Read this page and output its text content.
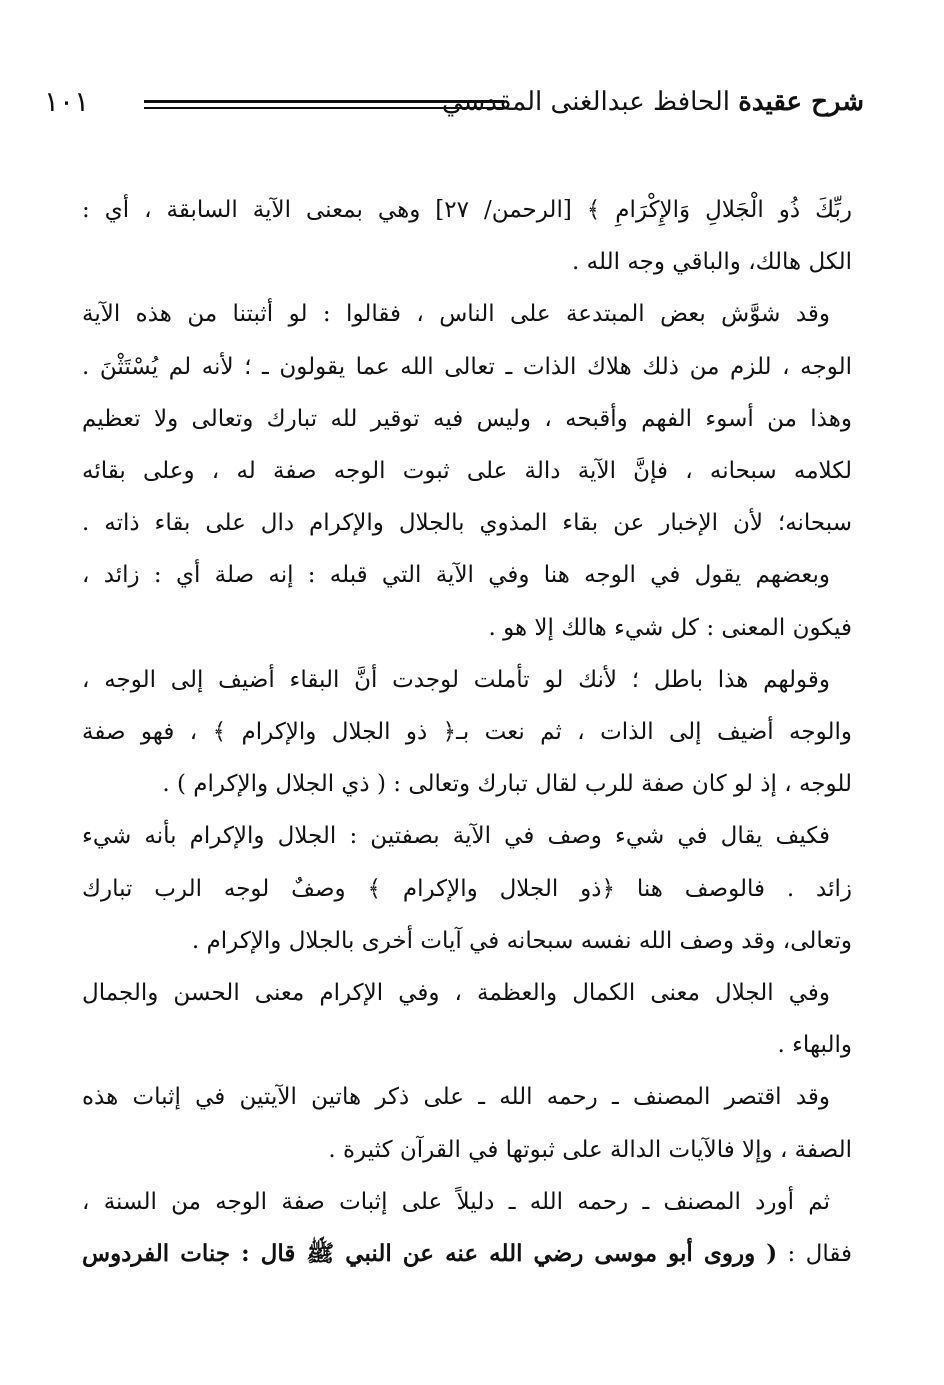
شرح عقيدة الحافظ عبدالغنى المقدسي
١٠١
ربِّكَ ذُو الْجَلالِ وَالإِكْرَامِ ﴾ [الرحمن/ ٢٧] وهي بمعنى الآية السابقة ، أي :
الكل هالك، والباقي وجه الله .
وقد شوَّش بعض المبتدعة على الناس ، فقالوا : لو أثبتنا من هذه الآية
الوجه ، للزم من ذلك هلاك الذات ـ تعالى الله عما يقولون ـ ؛ لأنه لم يُسْتَثْنَ .
وهذا من أسوء الفهم وأقبحه ، وليس فيه توقير لله تبارك وتعالى ولا تعظيم
لكلامه سبحانه ، فإنَّ الآية دالة على ثبوت الوجه صفة له ، وعلى بقائه
سبحانه؛ لأن الإخبار عن بقاء المذوي بالجلال والإكرام دال على بقاء ذاته .
وبعضهم يقول في الوجه هنا وفي الآية التي قبله : إنه صلة أي : زائد ،
فيكون المعنى : كل شيء هالك إلا هو .
وقولهم هذا باطل ؛ لأنك لو تأملت لوجدت أنَّ البقاء أضيف إلى الوجه ،
والوجه أضيف إلى الذات ، ثم نعت بـ﴿ ذو الجلال والإكرام ﴾ ، فهو صفة
للوجه ، إذ لو كان صفة للرب لقال تبارك وتعالى : ( ذي الجلال والإكرام ) .
فكيف يقال في شيء وصف في الآية بصفتين : الجلال والإكرام بأنه شيء
زائد . فالوصف هنا ﴿ذو الجلال والإكرام ﴾ وصفٌ لوجه الرب تبارك
وتعالى، وقد وصف الله نفسه سبحانه في آيات أخرى بالجلال والإكرام .
وفي الجلال معنى الكمال والعظمة ، وفي الإكرام معنى الحسن والجمال
والبهاء .
وقد اقتصر المصنف ـ رحمه الله ـ على ذكر هاتين الآيتين في إثبات هذه
الصفة ، وإلا فالآيات الدالة على ثبوتها في القرآن كثيرة .
ثم أورد المصنف ـ رحمه الله ـ دليلاً على إثبات صفة الوجه من السنة ،
فقال : ( وروى أبو موسى رضي الله عنه عن النبي ﷺ قال : جنات الفردوس
